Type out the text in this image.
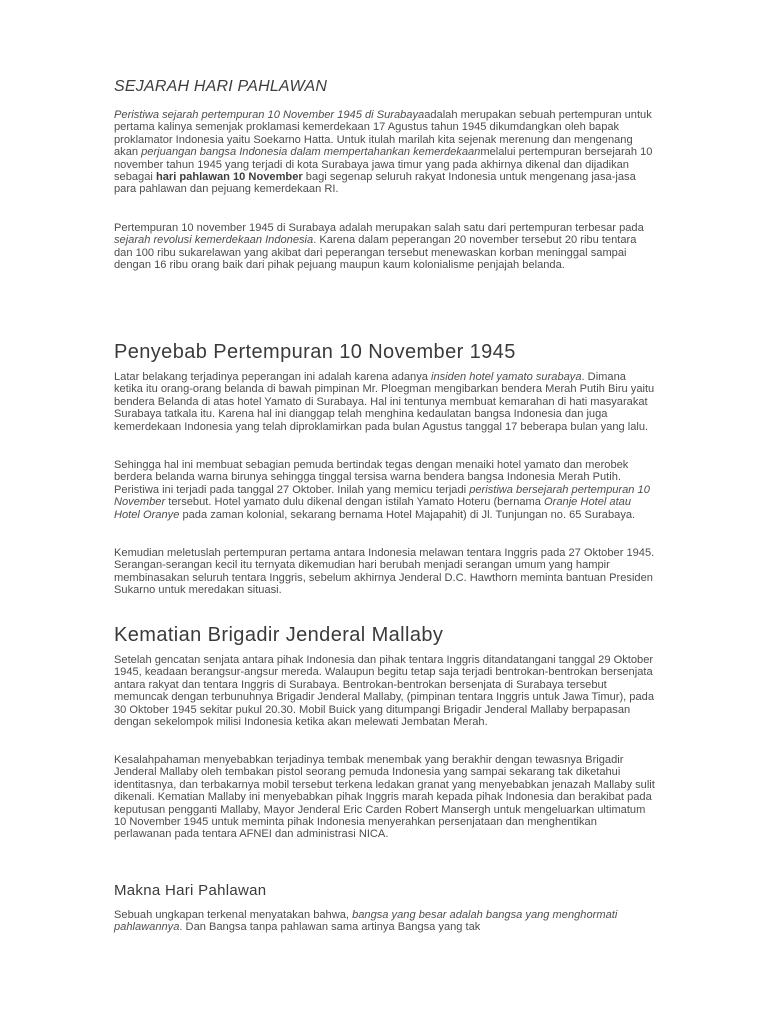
SEJARAH HARI PAHLAWAN

Peristiwa sejarah pertempuran 10 November 1945 di Surabayaadalah merupakan sebuah pertempuran untuk pertama kalinya semenjak proklamasi kemerdekaan 17 Agustus tahun 1945 dikumdangkan oleh bapak proklamator Indonesia yaitu Soekarno Hatta. Untuk itulah marilah kita sejenak merenung dan mengenang akan perjuangan bangsa Indonesia dalam mempertahankan kemerdekaanmelalui pertempuran bersejarah 10 november tahun 1945 yang terjadi di kota Surabaya jawa timur yang pada akhirnya dikenal dan dijadikan sebagai hari pahlawan 10 November bagi segenap seluruh rakyat Indonesia untuk mengenang jasa-jasa para pahlawan dan pejuang kemerdekaan RI.

Pertempuran 10 november 1945 di Surabaya adalah merupakan salah satu dari pertempuran terbesar pada sejarah revolusi kemerdekaan Indonesia. Karena dalam peperangan 20 november tersebut 20 ribu tentara dan 100 ribu sukarelawan yang akibat dari peperangan tersebut menewaskan korban meninggal sampai dengan 16 ribu orang baik dari pihak pejuang maupun kaum kolonialisme penjajah belanda.

Penyebab Pertempuran 10 November 1945

Latar belakang terjadinya peperangan ini adalah karena adanya insiden hotel yamato surabaya. Dimana ketika itu orang-orang belanda di bawah pimpinan Mr. Ploegman mengibarkan bendera Merah Putih Biru yaitu bendera Belanda di atas hotel Yamato di Surabaya. Hal ini tentunya membuat kemarahan di hati masyarakat Surabaya tatkala itu. Karena hal ini dianggap telah menghina kedaulatan bangsa Indonesia dan juga kemerdekaan Indonesia yang telah diproklamirkan pada bulan Agustus tanggal 17 beberapa bulan yang lalu.

Sehingga hal ini membuat sebagian pemuda bertindak tegas dengan menaiki hotel yamato dan merobek berdera belanda warna birunya sehingga tinggal tersisa warna bendera bangsa Indonesia Merah Putih. Peristiwa ini terjadi pada tanggal 27 Oktober. Inilah yang memicu terjadi peristiwa bersejarah pertempuran 10 November tersebut. Hotel yamato dulu dikenal dengan istilah Yamato Hoteru (bernama Oranje Hotel atau Hotel Oranye pada zaman kolonial, sekarang bernama Hotel Majapahit) di Jl. Tunjungan no. 65 Surabaya.

Kemudian meletuslah pertempuran pertama antara Indonesia melawan tentara Inggris pada 27 Oktober 1945. Serangan-serangan kecil itu ternyata dikemudian hari berubah menjadi serangan umum yang hampir membinasakan seluruh tentara Inggris, sebelum akhirnya Jenderal D.C. Hawthorn meminta bantuan Presiden Sukarno untuk meredakan situasi.

Kematian Brigadir Jenderal Mallaby

Setelah gencatan senjata antara pihak Indonesia dan pihak tentara Inggris ditandatangani tanggal 29 Oktober 1945, keadaan berangsur-angsur mereda. Walaupun begitu tetap saja terjadi bentrokan-bentrokan bersenjata antara rakyat dan tentara Inggris di Surabaya. Bentrokan-bentrokan bersenjata di Surabaya tersebut memuncak dengan terbunuhnya Brigadir Jenderal Mallaby, (pimpinan tentara Inggris untuk Jawa Timur), pada 30 Oktober 1945 sekitar pukul 20.30. Mobil Buick yang ditumpangi Brigadir Jenderal Mallaby berpapasan dengan sekelompok milisi Indonesia ketika akan melewati Jembatan Merah.

Kesalahpahaman menyebabkan terjadinya tembak menembak yang berakhir dengan tewasnya Brigadir Jenderal Mallaby oleh tembakan pistol seorang pemuda Indonesia yang sampai sekarang tak diketahui identitasnya, dan terbakarnya mobil tersebut terkena ledakan granat yang menyebabkan jenazah Mallaby sulit dikenali. Kematian Mallaby ini menyebabkan pihak Inggris marah kepada pihak Indonesia dan berakibat pada keputusan pengganti Mallaby, Mayor Jenderal Eric Carden Robert Mansergh untuk mengeluarkan ultimatum 10 November 1945 untuk meminta pihak Indonesia menyerahkan persenjataan dan menghentikan perlawanan pada tentara AFNEI dan administrasi NICA.

Makna Hari Pahlawan

Sebuah ungkapan terkenal menyatakan bahwa, bangsa yang besar adalah bangsa yang menghormati pahlawannya. Dan Bangsa tanpa pahlawan sama artinya Bangsa yang tak
